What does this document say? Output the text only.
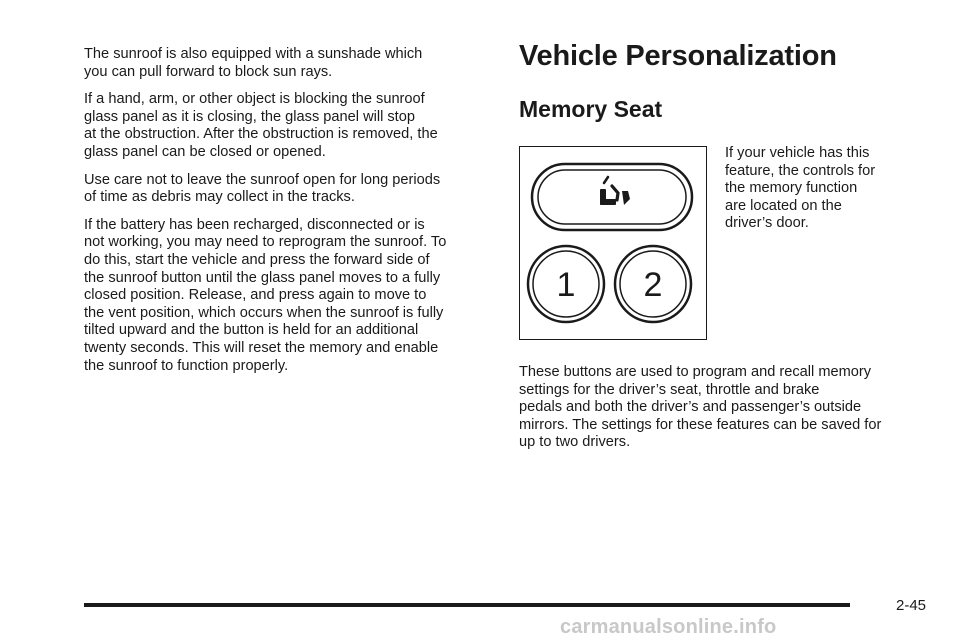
The sunroof is also equipped with a sunshade which
you can pull forward to block sun rays.

If a hand, arm, or other object is blocking the sunroof
glass panel as it is closing, the glass panel will stop
at the obstruction. After the obstruction is removed, the
glass panel can be closed or opened.

Use care not to leave the sunroof open for long periods
of time as debris may collect in the tracks.

If the battery has been recharged, disconnected or is
not working, you may need to reprogram the sunroof. To
do this, start the vehicle and press the forward side of
the sunroof button until the glass panel moves to a fully
closed position. Release, and press again to move to
the vent position, which occurs when the sunroof is fully
tilted upward and the button is held for an additional
twenty seconds. This will reset the memory and enable
the sunroof to function properly.

Vehicle Personalization
Memory Seat
1 2

If your vehicle has this
feature, the controls for
the memory function
are located on the
driver’s door.

These buttons are used to program and recall memory
settings for the driver’s seat, throttle and brake
pedals and both the driver’s and passenger’s outside
mirrors. The settings for these features can be saved for
up to two drivers.

2-45
carmanualsonline.info
